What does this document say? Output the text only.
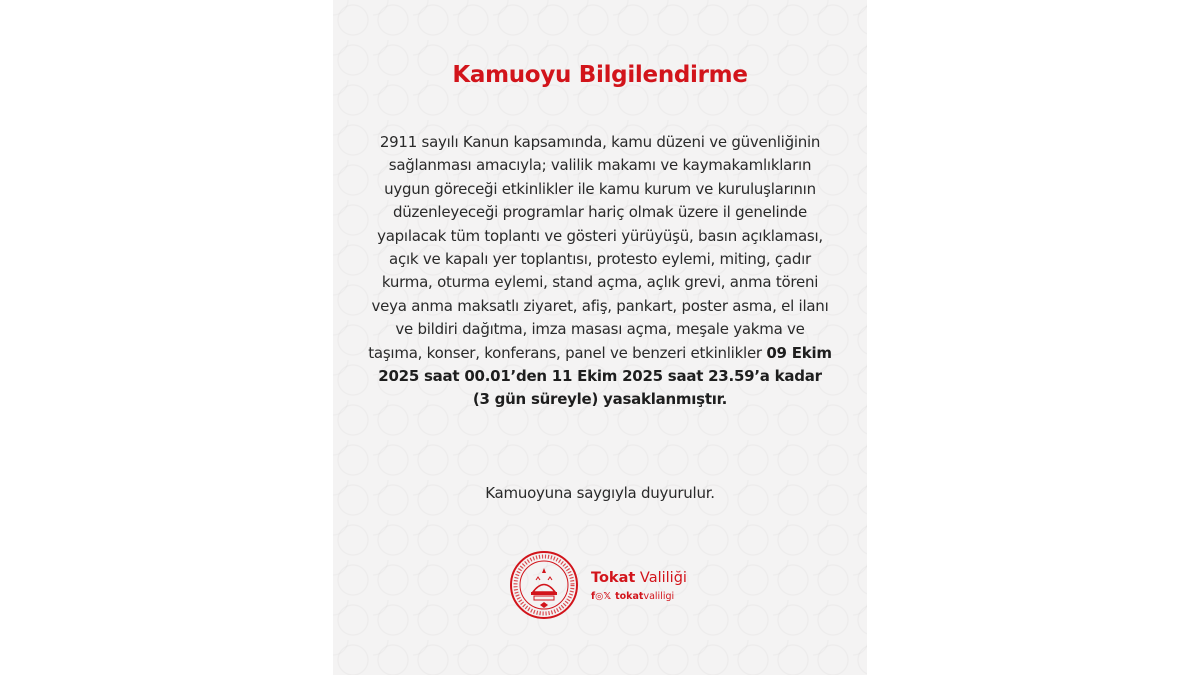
Kamuoyu Bilgilendirme
2911 sayılı Kanun kapsamında, kamu düzeni ve güvenliğinin sağlanması amacıyla; valilik makamı ve kaymakamlıkların uygun göreceği etkinlikler ile kamu kurum ve kuruluşlarının düzenleyeceği programlar hariç olmak üzere il genelinde yapılacak tüm toplantı ve gösteri yürüyüşü, basın açıklaması, açık ve kapalı yer toplantısı, protesto eylemi, miting, çadır kurma, oturma eylemi, stand açma, açlık grevi, anma töreni veya anma maksatlı ziyaret, afiş, pankart, poster asma, el ilanı ve bildiri dağıtma, imza masası açma, meşale yakma ve taşıma, konser, konferans, panel ve benzeri etkinlikler 09 Ekim 2025 saat 00.01’den 11 Ekim 2025 saat 23.59’a kadar (3 gün süreyle) yasaklanmıştır.
Kamuoyuna saygıyla duyurulur.
Tokat Valiliği
f◎𝕏 tokatvaliligi
